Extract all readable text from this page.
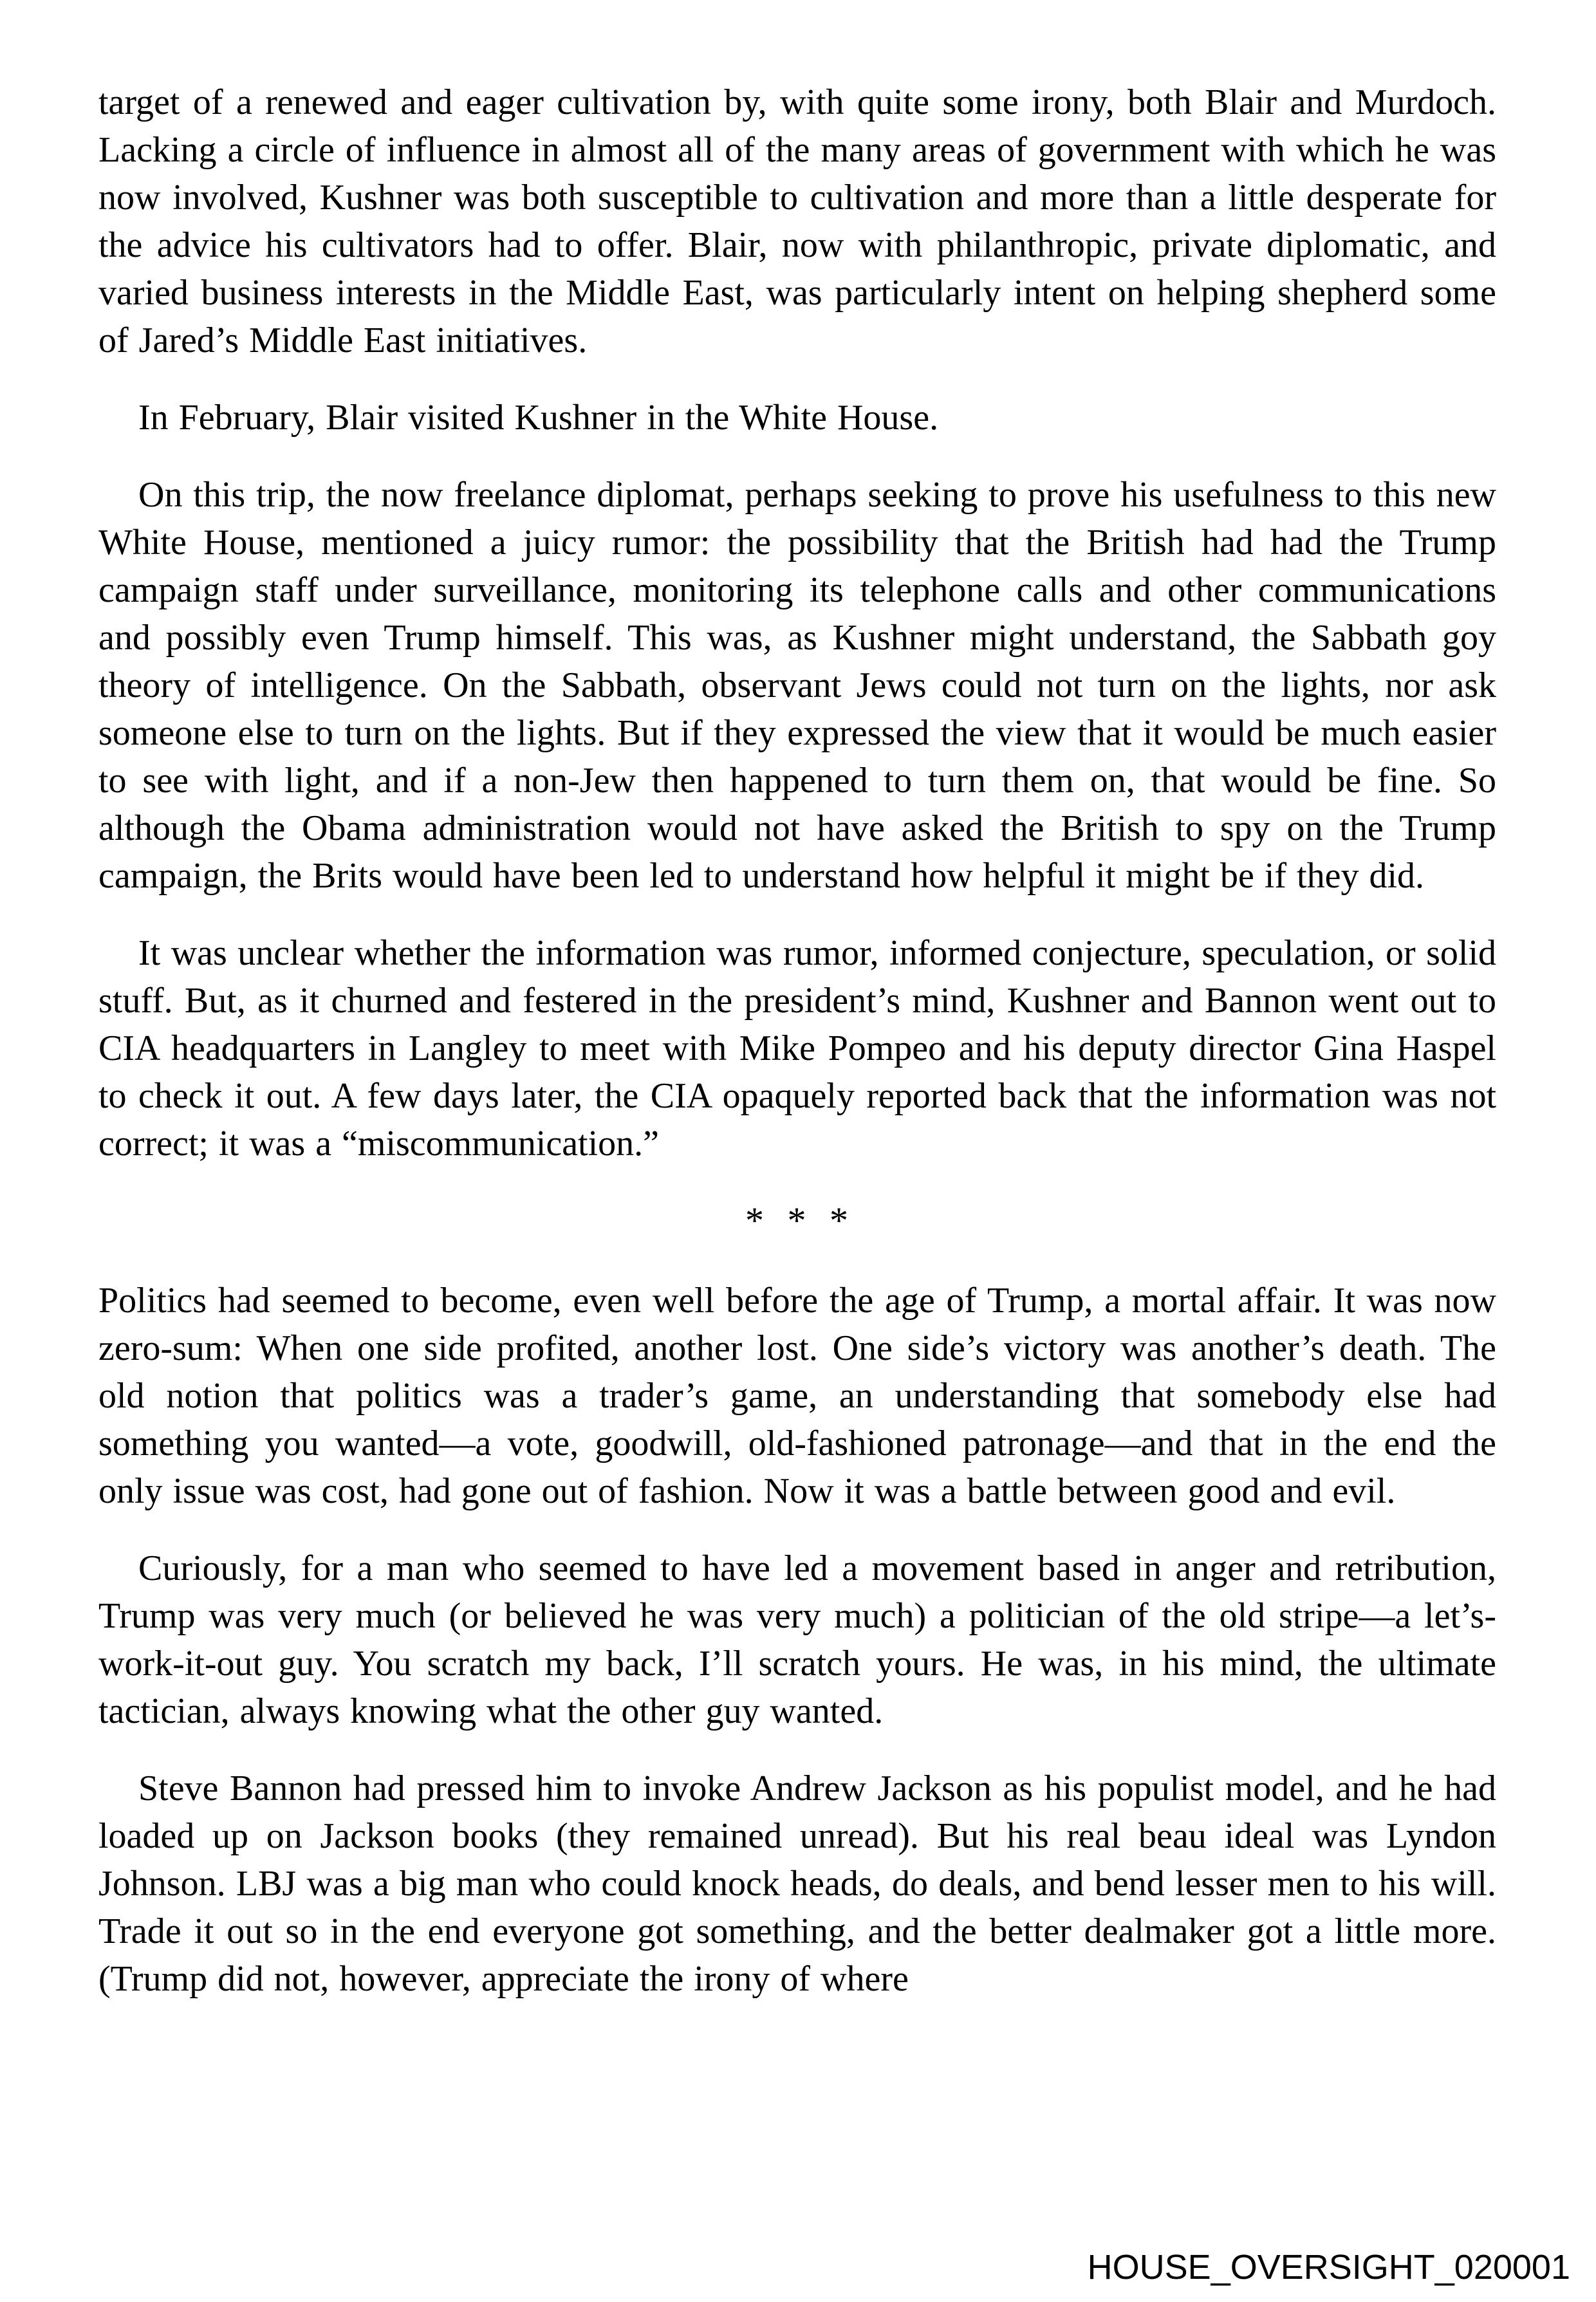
target of a renewed and eager cultivation by, with quite some irony, both Blair and Murdoch. Lacking a circle of influence in almost all of the many areas of government with which he was now involved, Kushner was both susceptible to cultivation and more than a little desperate for the advice his cultivators had to offer. Blair, now with philanthropic, private diplomatic, and varied business interests in the Middle East, was particularly intent on helping shepherd some of Jared’s Middle East initiatives.

In February, Blair visited Kushner in the White House.

On this trip, the now freelance diplomat, perhaps seeking to prove his usefulness to this new White House, mentioned a juicy rumor: the possibility that the British had had the Trump campaign staff under surveillance, monitoring its telephone calls and other communications and possibly even Trump himself. This was, as Kushner might understand, the Sabbath goy theory of intelligence. On the Sabbath, observant Jews could not turn on the lights, nor ask someone else to turn on the lights. But if they expressed the view that it would be much easier to see with light, and if a non-Jew then happened to turn them on, that would be fine. So although the Obama administration would not have asked the British to spy on the Trump campaign, the Brits would have been led to understand how helpful it might be if they did.

It was unclear whether the information was rumor, informed conjecture, speculation, or solid stuff. But, as it churned and festered in the president’s mind, Kushner and Bannon went out to CIA headquarters in Langley to meet with Mike Pompeo and his deputy director Gina Haspel to check it out. A few days later, the CIA opaquely reported back that the information was not correct; it was a “miscommunication.”

* * *

Politics had seemed to become, even well before the age of Trump, a mortal affair. It was now zero-sum: When one side profited, another lost. One side’s victory was another’s death. The old notion that politics was a trader’s game, an understanding that somebody else had something you wanted—a vote, goodwill, old-fashioned patronage—and that in the end the only issue was cost, had gone out of fashion. Now it was a battle between good and evil.

Curiously, for a man who seemed to have led a movement based in anger and retribution, Trump was very much (or believed he was very much) a politician of the old stripe—a let’s-work-it-out guy. You scratch my back, I’ll scratch yours. He was, in his mind, the ultimate tactician, always knowing what the other guy wanted.

Steve Bannon had pressed him to invoke Andrew Jackson as his populist model, and he had loaded up on Jackson books (they remained unread). But his real beau ideal was Lyndon Johnson. LBJ was a big man who could knock heads, do deals, and bend lesser men to his will. Trade it out so in the end everyone got something, and the better dealmaker got a little more. (Trump did not, however, appreciate the irony of where

HOUSE_OVERSIGHT_020001
